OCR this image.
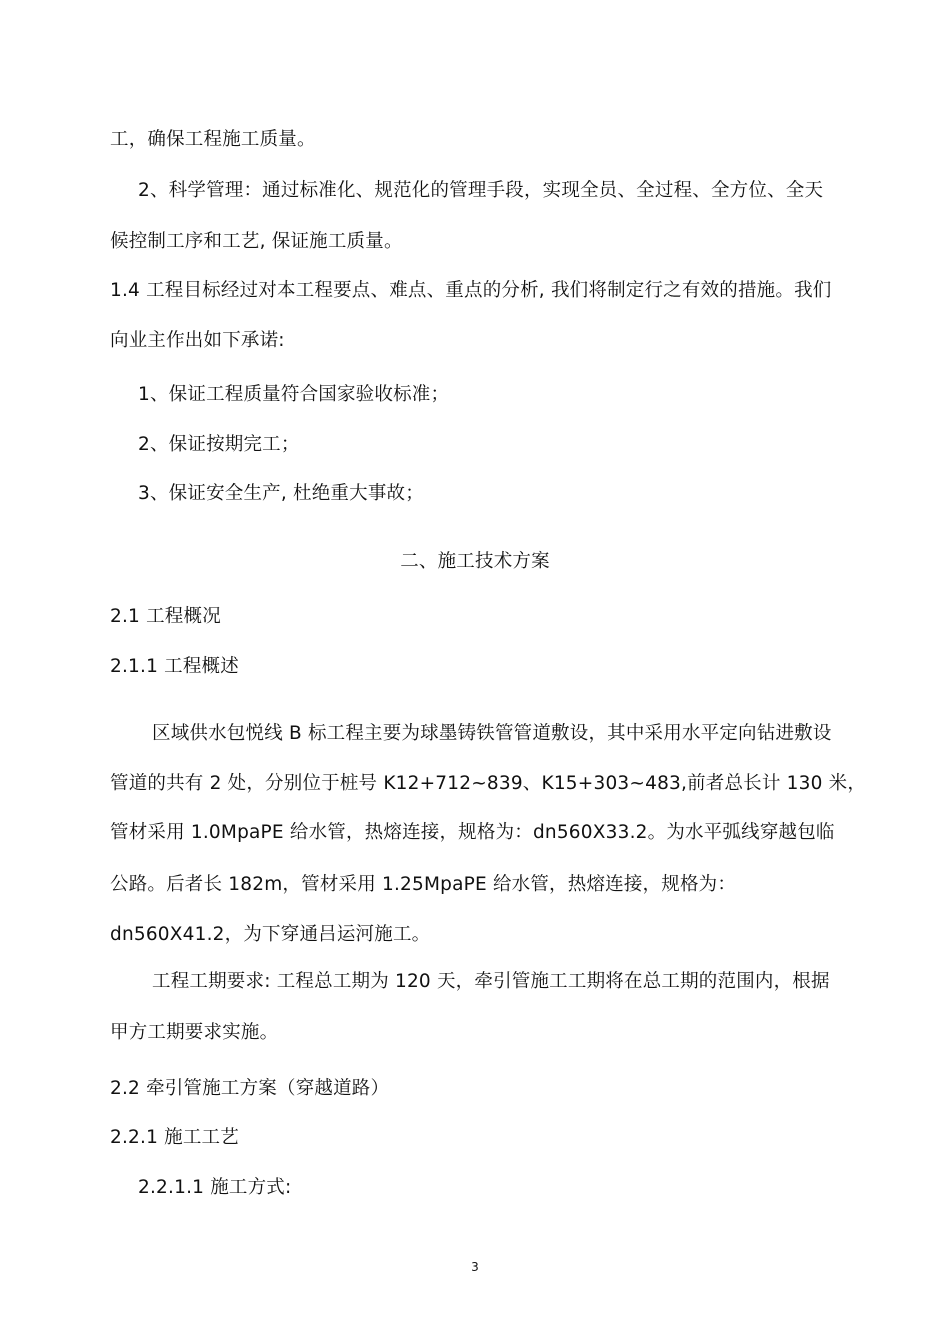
工，确保工程施工质量。
2、科学管理：通过标准化、规范化的管理手段，实现全员、全过程、全方位、全天
候控制工序和工艺, 保证施工质量。
1.4 工程目标经过对本工程要点、难点、重点的分析, 我们将制定行之有效的措施。我们
向业主作出如下承诺:
1、保证工程质量符合国家验收标准；
2、保证按期完工；
3、保证安全生产, 杜绝重大事故；
二、施工技术方案
2.1 工程概况
2.1.1 工程概述
区域供水包悦线 B 标工程主要为球墨铸铁管管道敷设，其中采用水平定向钻进敷设
管道的共有 2 处，分别位于桩号 K12+712~839、K15+303~483,前者总长计 130 米，
管材采用 1.0MpaPE 给水管，热熔连接，规格为：dn560X33.2。为水平弧线穿越包临
公路。后者长 182m，管材采用 1.25MpaPE 给水管，热熔连接，规格为：
dn560X41.2，为下穿通吕运河施工。
工程工期要求: 工程总工期为 120 天，牵引管施工工期将在总工期的范围内，根据
甲方工期要求实施。
2.2 牵引管施工方案（穿越道路）
2.2.1 施工工艺
2.2.1.1 施工方式:
3
